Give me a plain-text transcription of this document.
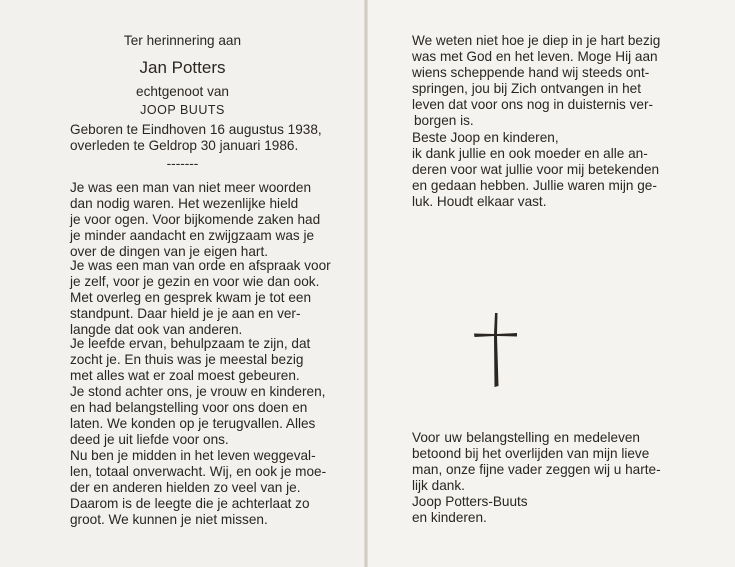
Ter herinnering aan
Jan Potters
echtgenoot van
JOOP BUUTS
Geboren te Eindhoven 16 augustus 1938,
overleden te Geldrop 30 januari 1986.
-------
Je was een man van niet meer woorden
dan nodig waren. Het wezenlijke hield
je voor ogen. Voor bijkomende zaken had
je minder aandacht en zwijgzaam was je
over de dingen van je eigen hart.
Je was een man van orde en afspraak voor
je zelf, voor je gezin en voor wie dan ook.
Met overleg en gesprek kwam je tot een
standpunt. Daar hield je je aan en ver-
langde dat ook van anderen.
Je leefde ervan, behulpzaam te zijn, dat
zocht je. En thuis was je meestal bezig
met alles wat er zoal moest gebeuren.
Je stond achter ons, je vrouw en kinderen,
en had belangstelling voor ons doen en
laten. We konden op je terugvallen. Alles
deed je uit liefde voor ons.
Nu ben je midden in het leven weggeval-
len, totaal onverwacht. Wij, en ook je moe-
der en anderen hielden zo veel van je.
Daarom is de leegte die je achterlaat zo
groot. We kunnen je niet missen.
We weten niet hoe je diep in je hart bezig
was met God en het leven. Moge Hij aan
wiens scheppende hand wij steeds ont-
springen, jou bij Zich ontvangen in het
leven dat voor ons nog in duisternis ver-
borgen is.
Beste Joop en kinderen,
ik dank jullie en ook moeder en alle an-
deren voor wat jullie voor mij betekenden
en gedaan hebben. Jullie waren mijn ge-
luk. Houdt elkaar vast.
Voor uw belangstelling en medeleven
betoond bij het overlijden van mijn lieve
man, onze fijne vader zeggen wij u harte-
lijk dank.
Joop Potters-Buuts
en kinderen.
